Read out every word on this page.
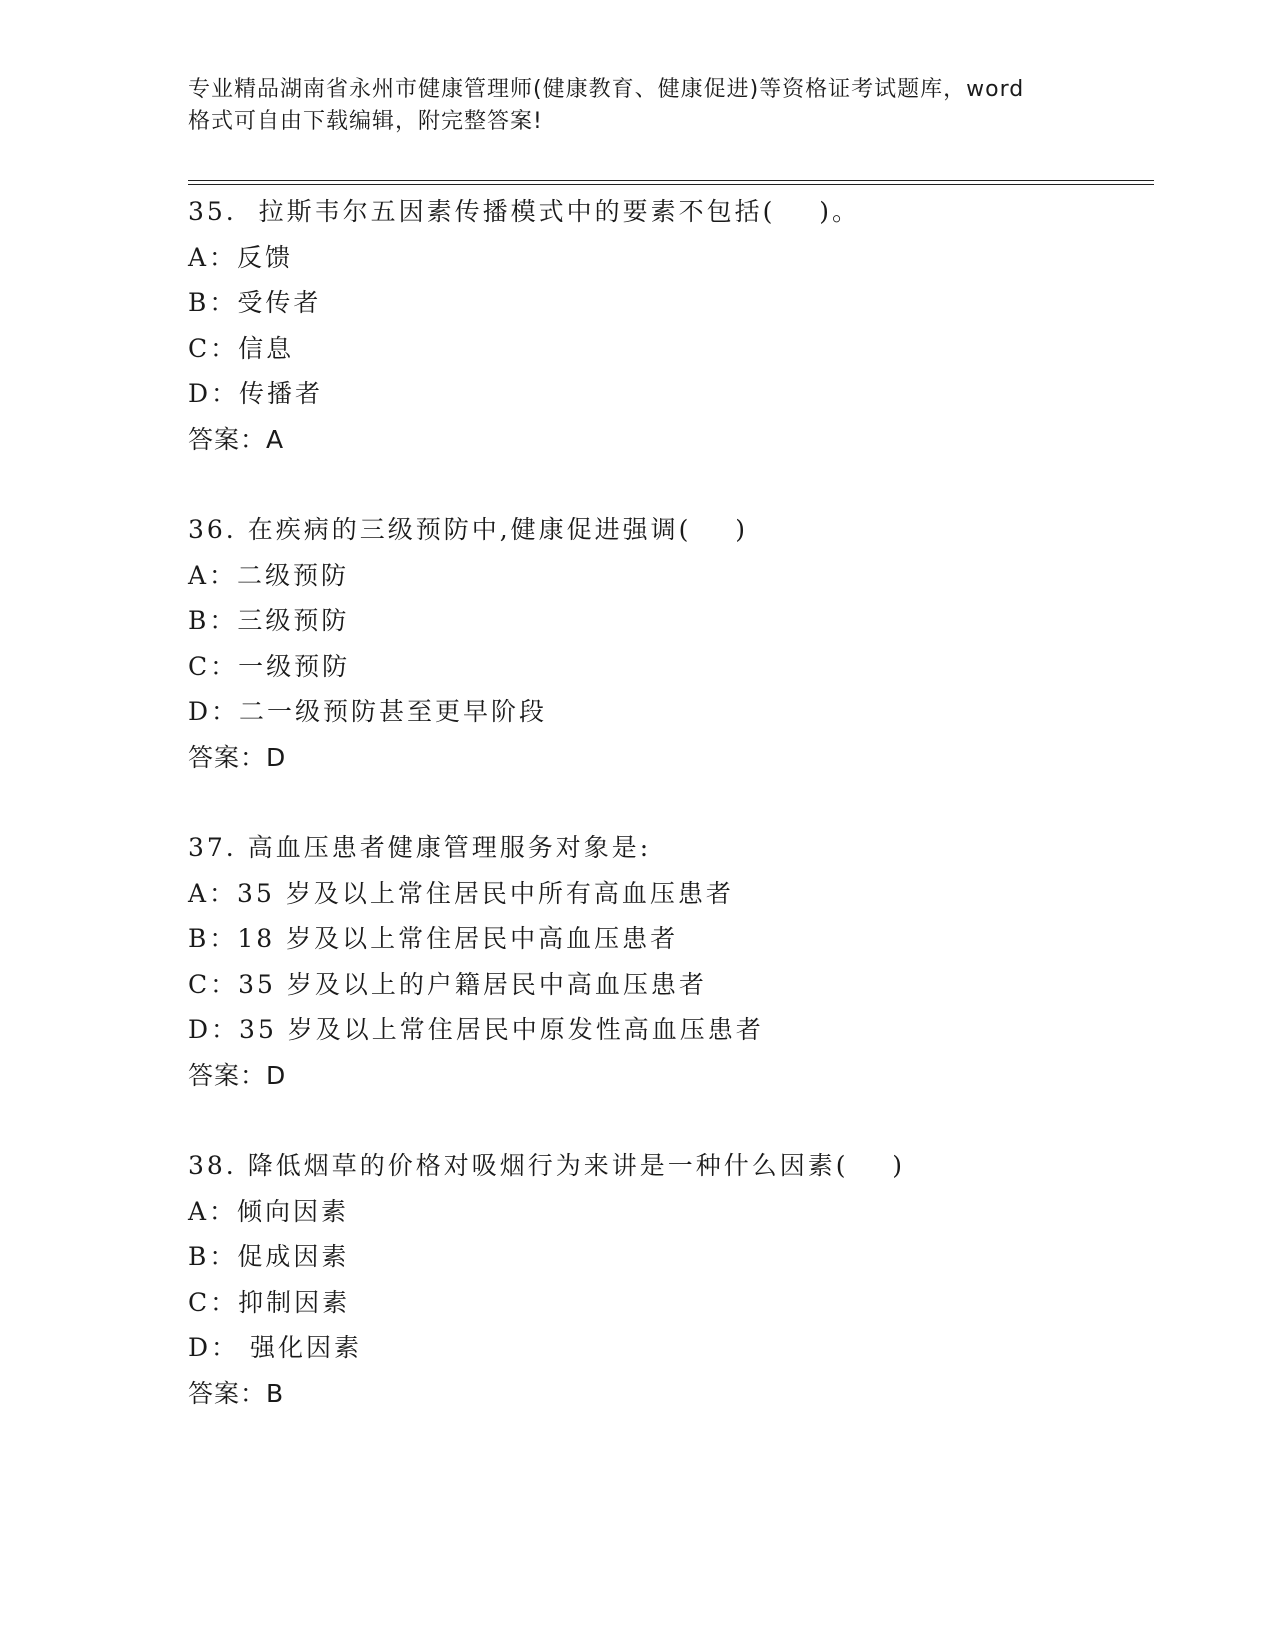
专业精品湖南省永州市健康管理师(健康教育、健康促进)等资格证考试题库，word
格式可自由下载编辑，附完整答案!
35.  拉斯韦尔五因素传播模式中的要素不包括(    )。
A：反馈
B：受传者
C：信息
D：传播者
答案：A
36. 在疾病的三级预防中,健康促进强调(    )
A：二级预防
B：三级预防
C：一级预防
D：二一级预防甚至更早阶段
答案：D
37. 高血压患者健康管理服务对象是:
A：35 岁及以上常住居民中所有高血压患者
B：18 岁及以上常住居民中高血压患者
C：35 岁及以上的户籍居民中高血压患者
D：35 岁及以上常住居民中原发性高血压患者
答案：D
38. 降低烟草的价格对吸烟行为来讲是一种什么因素(    )
A：倾向因素
B：促成因素
C：抑制因素
D： 强化因素
答案：B
